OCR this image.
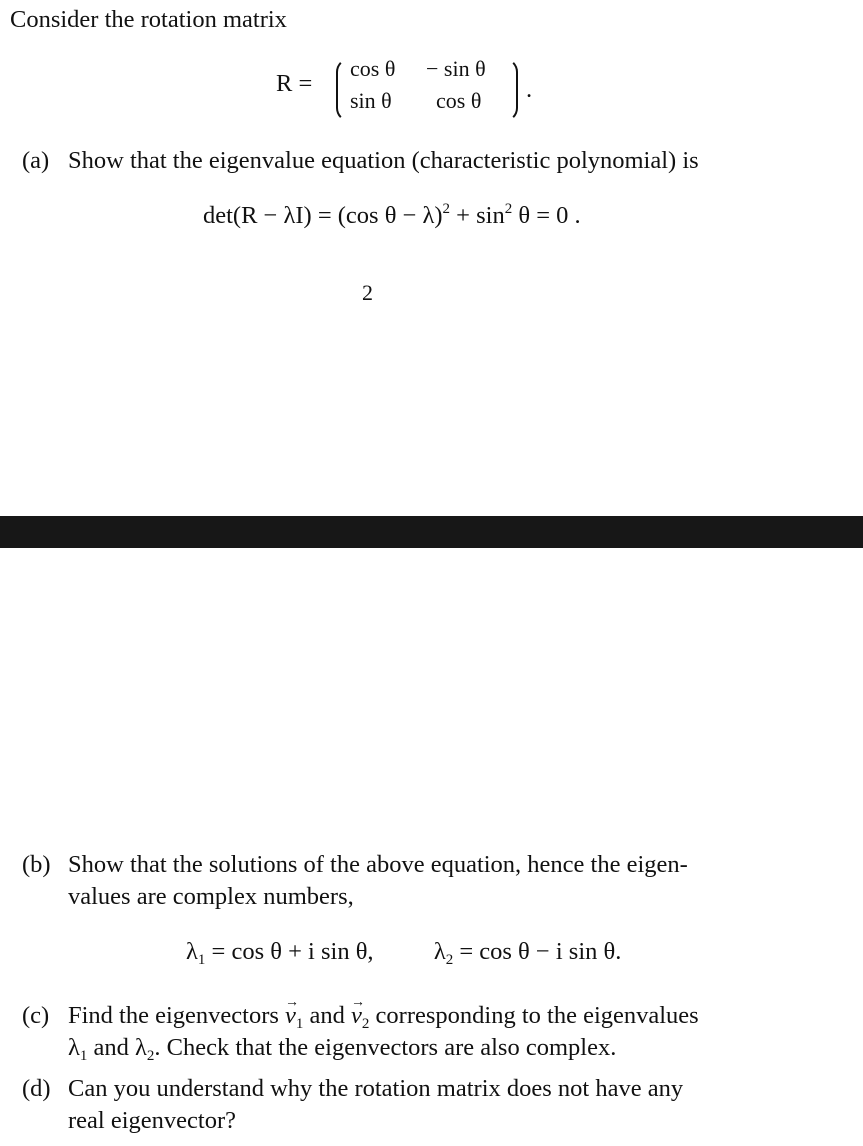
Consider the rotation matrix
R =
cos θ − sin θ
sin θ cos θ .
(a) Show that the eigenvalue equation (characteristic polynomial) is
det(R − λI) = (cos $\theta - \lambda)^2 + \sin^2 \theta = 0$ .
2
(b) Show that the solutions of the above equation, hence the eigen-
values are complex numbers,
$\lambda_1 = \cos \theta + i$ sin θ, $\lambda_2 = \cos \theta - i$ sin θ.
(c) Find the eigenvectors → $v_1$ and → $v_2$ corresponding to the eigenvalues
$\lambda_1$ and $\lambda_2$. Check that the eigenvectors are also complex.
(d) Can you understand why the rotation matrix does not have any
real eigenvector?
